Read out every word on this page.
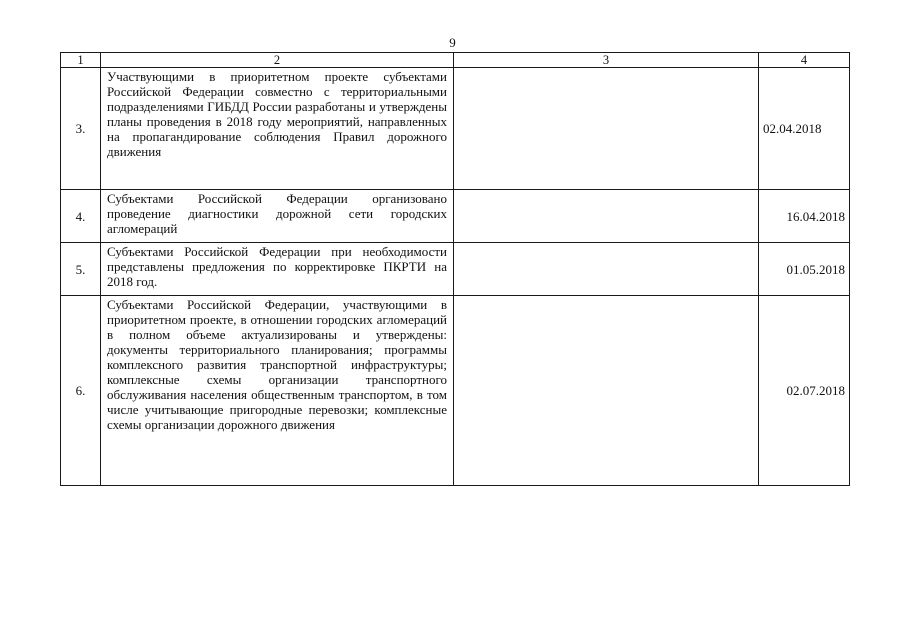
9
1	2	3	4
3.	Участвующими в приоритетном проекте субъектами Российской Федерации совместно с территориальными подразделениями ГИБДД России разработаны и утверждены планы проведения в 2018 году мероприятий, направленных на пропагандирование соблюдения Правил дорожного движения		02.04.2018
4.	Субъектами Российской Федерации организовано проведение диагностики дорожной сети городских агломераций		16.04.2018
5.	Субъектами Российской Федерации при необходимости представлены предложения по корректировке ПКРТИ на 2018 год.		01.05.2018
6.	Субъектами Российской Федерации, участвующими в приоритетном проекте, в отношении городских агломераций в полном объеме актуализированы и утверждены: документы территориального планирования; программы комплексного развития транспортной инфраструктуры; комплексные схемы организации транспортного обслуживания населения общественным транспортом, в том числе учитывающие пригородные перевозки; комплексные схемы организации дорожного движения		02.07.2018
